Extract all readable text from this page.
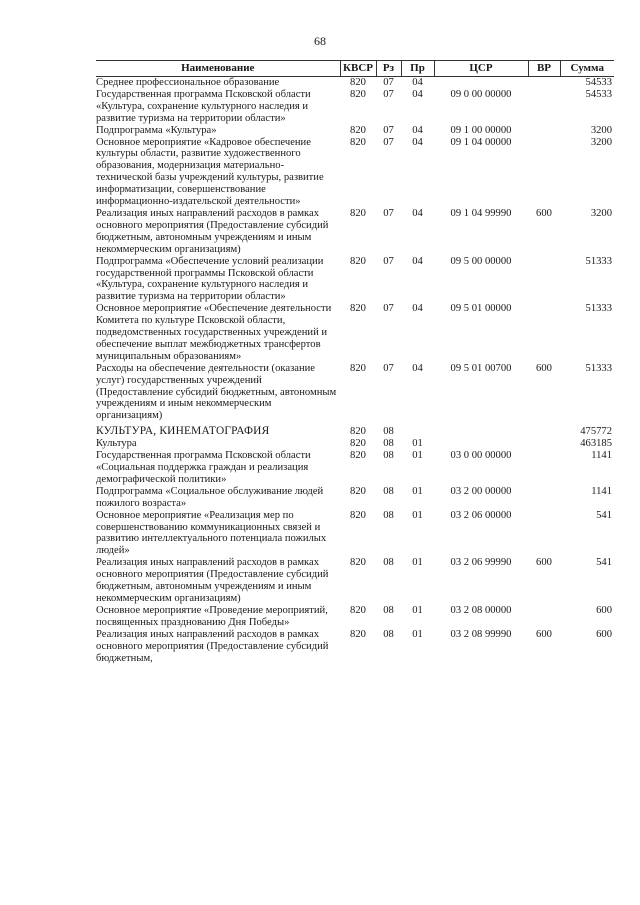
68
Наименование	КВСР	Рз	Пр	ЦСР	ВР	Сумма
Среднее профессиональное образование	820	07	04			54533
Государственная программа Псковской области «Культура, сохранение культурного наследия и развитие туризма на территории области»	820	07	04	09 0 00 00000		54533
Подпрограмма «Культура»	820	07	04	09 1 00 00000		3200
Основное мероприятие «Кадровое обеспечение культуры области, развитие художественного образования, модернизация материально-технической базы учреждений культуры, развитие информатизации, совершенствование информационно-издательской деятельности»	820	07	04	09 1 04 00000		3200
Реализация иных направлений расходов в рамках основного мероприятия (Предоставление субсидий бюджетным, автономным учреждениям и иным некоммерческим организациям)	820	07	04	09 1 04 99990	600	3200
Подпрограмма «Обеспечение условий реализации государственной программы Псковской области «Культура, сохранение культурного наследия и развитие туризма на территории области»	820	07	04	09 5 00 00000		51333
Основное мероприятие «Обеспечение деятельности Комитета по культуре Псковской области, подведомственных государственных учреждений и обеспечение выплат межбюджетных трансфертов муниципальным образованиям»	820	07	04	09 5 01 00000		51333
Расходы на обеспечение деятельности (оказание услуг) государственных учреждений (Предоставление субсидий бюджетным, автономным учреждениям и иным некоммерческим организациям)	820	07	04	09 5 01 00700	600	51333
КУЛЬТУРА, КИНЕМАТОГРАФИЯ	820	08				475772
Культура	820	08	01			463185
Государственная программа Псковской области «Социальная поддержка граждан и реализация демографической политики»	820	08	01	03 0 00 00000		1141
Подпрограмма «Социальное обслуживание людей пожилого возраста»	820	08	01	03 2 00 00000		1141
Основное мероприятие «Реализация мер по совершенствованию коммуникационных связей и развитию интеллектуального потенциала пожилых людей»	820	08	01	03 2 06 00000		541
Реализация иных направлений расходов в рамках основного мероприятия (Предоставление субсидий бюджетным, автономным учреждениям и иным некоммерческим организациям)	820	08	01	03 2 06 99990	600	541
Основное мероприятие «Проведение мероприятий, посвященных празднованию Дня Победы»	820	08	01	03 2 08 00000		600
Реализация иных направлений расходов в рамках основного мероприятия (Предоставление субсидий бюджетным,	820	08	01	03 2 08 99990	600	600
